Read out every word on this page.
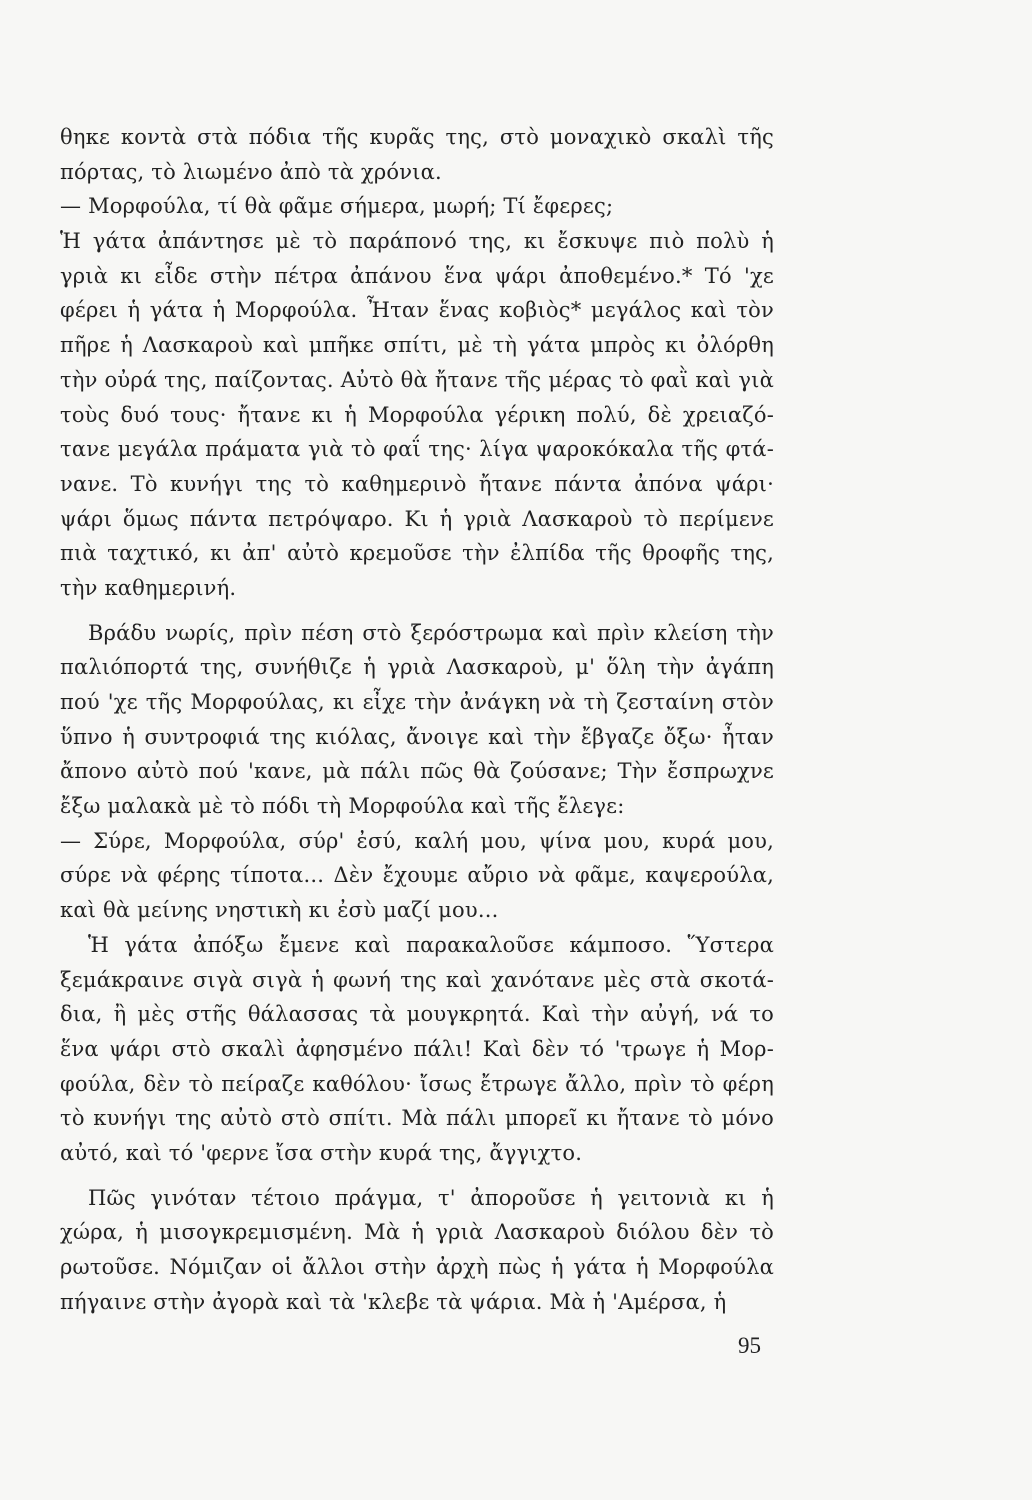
θηκε κοντὰ στὰ πόδια τῆς κυρᾶς της, στὸ μοναχικὸ σκαλὶ τῆς
πόρτας, τὸ λιωμένο ἀπὸ τὰ χρόνια.
— Μορφούλα, τί θὰ φᾶμε σήμερα, μωρή; Τί ἔφερες;
Ἡ γάτα ἀπάντησε μὲ τὸ παράπονό της, κι ἔσκυψε πιὸ πολὺ ἡ
γριὰ κι εἶδε στὴν πέτρα ἀπάνου ἕνα ψάρι ἀποθεμένο.* Τό 'χε
φέρει ἡ γάτα ἡ Μορφούλα. Ἦταν ἕνας κοβιὸς* μεγάλος καὶ τὸν
πῆρε ἡ Λασκαροὺ καὶ μπῆκε σπίτι, μὲ τὴ γάτα μπρὸς κι ὀλόρθη
τὴν οὐρά της, παίζοντας. Αὐτὸ θὰ ἤτανε τῆς μέρας τὸ φαῒ καὶ γιὰ
τοὺς δυό τους· ἤτανε κι ἡ Μορφούλα γέρικη πολύ, δὲ χρειαζό-
τανε μεγάλα πράματα γιὰ τὸ φαΐ της· λίγα ψαροκόκαλα τῆς φτά-
νανε. Τὸ κυνήγι της τὸ καθημερινὸ ἤτανε πάντα ἀπόνα ψάρι·
ψάρι ὅμως πάντα πετρόψαρο. Κι ἡ γριὰ Λασκαροὺ τὸ περίμενε
πιὰ ταχτικό, κι ἀπ' αὐτὸ κρεμοῦσε τὴν ἐλπίδα τῆς θροφῆς της,
τὴν καθημερινή.
Βράδυ νωρίς, πρὶν πέση στὸ ξερόστρωμα καὶ πρὶν κλείση τὴν
παλιόπορτά της, συνήθιζε ἡ γριὰ Λασκαροὺ, μ' ὅλη τὴν ἀγάπη
πού 'χε τῆς Μορφούλας, κι εἶχε τὴν ἀνάγκη νὰ τὴ ζεσταίνη στὸν
ὕπνο ἡ συντροφιά της κιόλας, ἄνοιγε καὶ τὴν ἔβγαζε ὄξω· ἦταν
ἄπονο αὐτὸ πού 'κανε, μὰ πάλι πῶς θὰ ζούσανε; Τὴν ἔσπρωχνε
ἔξω μαλακὰ μὲ τὸ πόδι τὴ Μορφούλα καὶ τῆς ἔλεγε:
— Σύρε, Μορφούλα, σύρ' ἐσύ, καλή μου, ψίνα μου, κυρά μου,
σύρε νὰ φέρης τίποτα... Δὲν ἔχουμε αὔριο νὰ φᾶμε, καψερούλα,
καὶ θὰ μείνης νηστικὴ κι ἐσὺ μαζί μου...
Ἡ γάτα ἀπόξω ἔμενε καὶ παρακαλοῦσε κάμποσο. Ὕστερα
ξεμάκραινε σιγὰ σιγὰ ἡ φωνή της καὶ χανότανε μὲς στὰ σκοτά-
δια, ἢ μὲς στῆς θάλασσας τὰ μουγκρητά. Καὶ τὴν αὐγή, νά το
ἕνα ψάρι στὸ σκαλὶ ἀφησμένο πάλι! Καὶ δὲν τό 'τρωγε ἡ Μορ-
φούλα, δὲν τὸ πείραζε καθόλου· ἴσως ἔτρωγε ἄλλο, πρὶν τὸ φέρη
τὸ κυνήγι της αὐτὸ στὸ σπίτι. Μὰ πάλι μπορεῖ κι ἤτανε τὸ μόνο
αὐτό, καὶ τό 'φερνε ἴσα στὴν κυρά της, ἄγγιχτο.
Πῶς γινόταν τέτοιο πράγμα, τ' ἀποροῦσε ἡ γειτονιὰ κι ἡ
χώρα, ἡ μισογκρεμισμένη. Μὰ ἡ γριὰ Λασκαροὺ διόλου δὲν τὸ
ρωτοῦσε. Νόμιζαν οἱ ἄλλοι στὴν ἀρχὴ πὼς ἡ γάτα ἡ Μορφούλα
πήγαινε στὴν ἀγορὰ καὶ τὰ 'κλεβε τὰ ψάρια. Μὰ ἡ 'Αμέρσα, ἡ
95
